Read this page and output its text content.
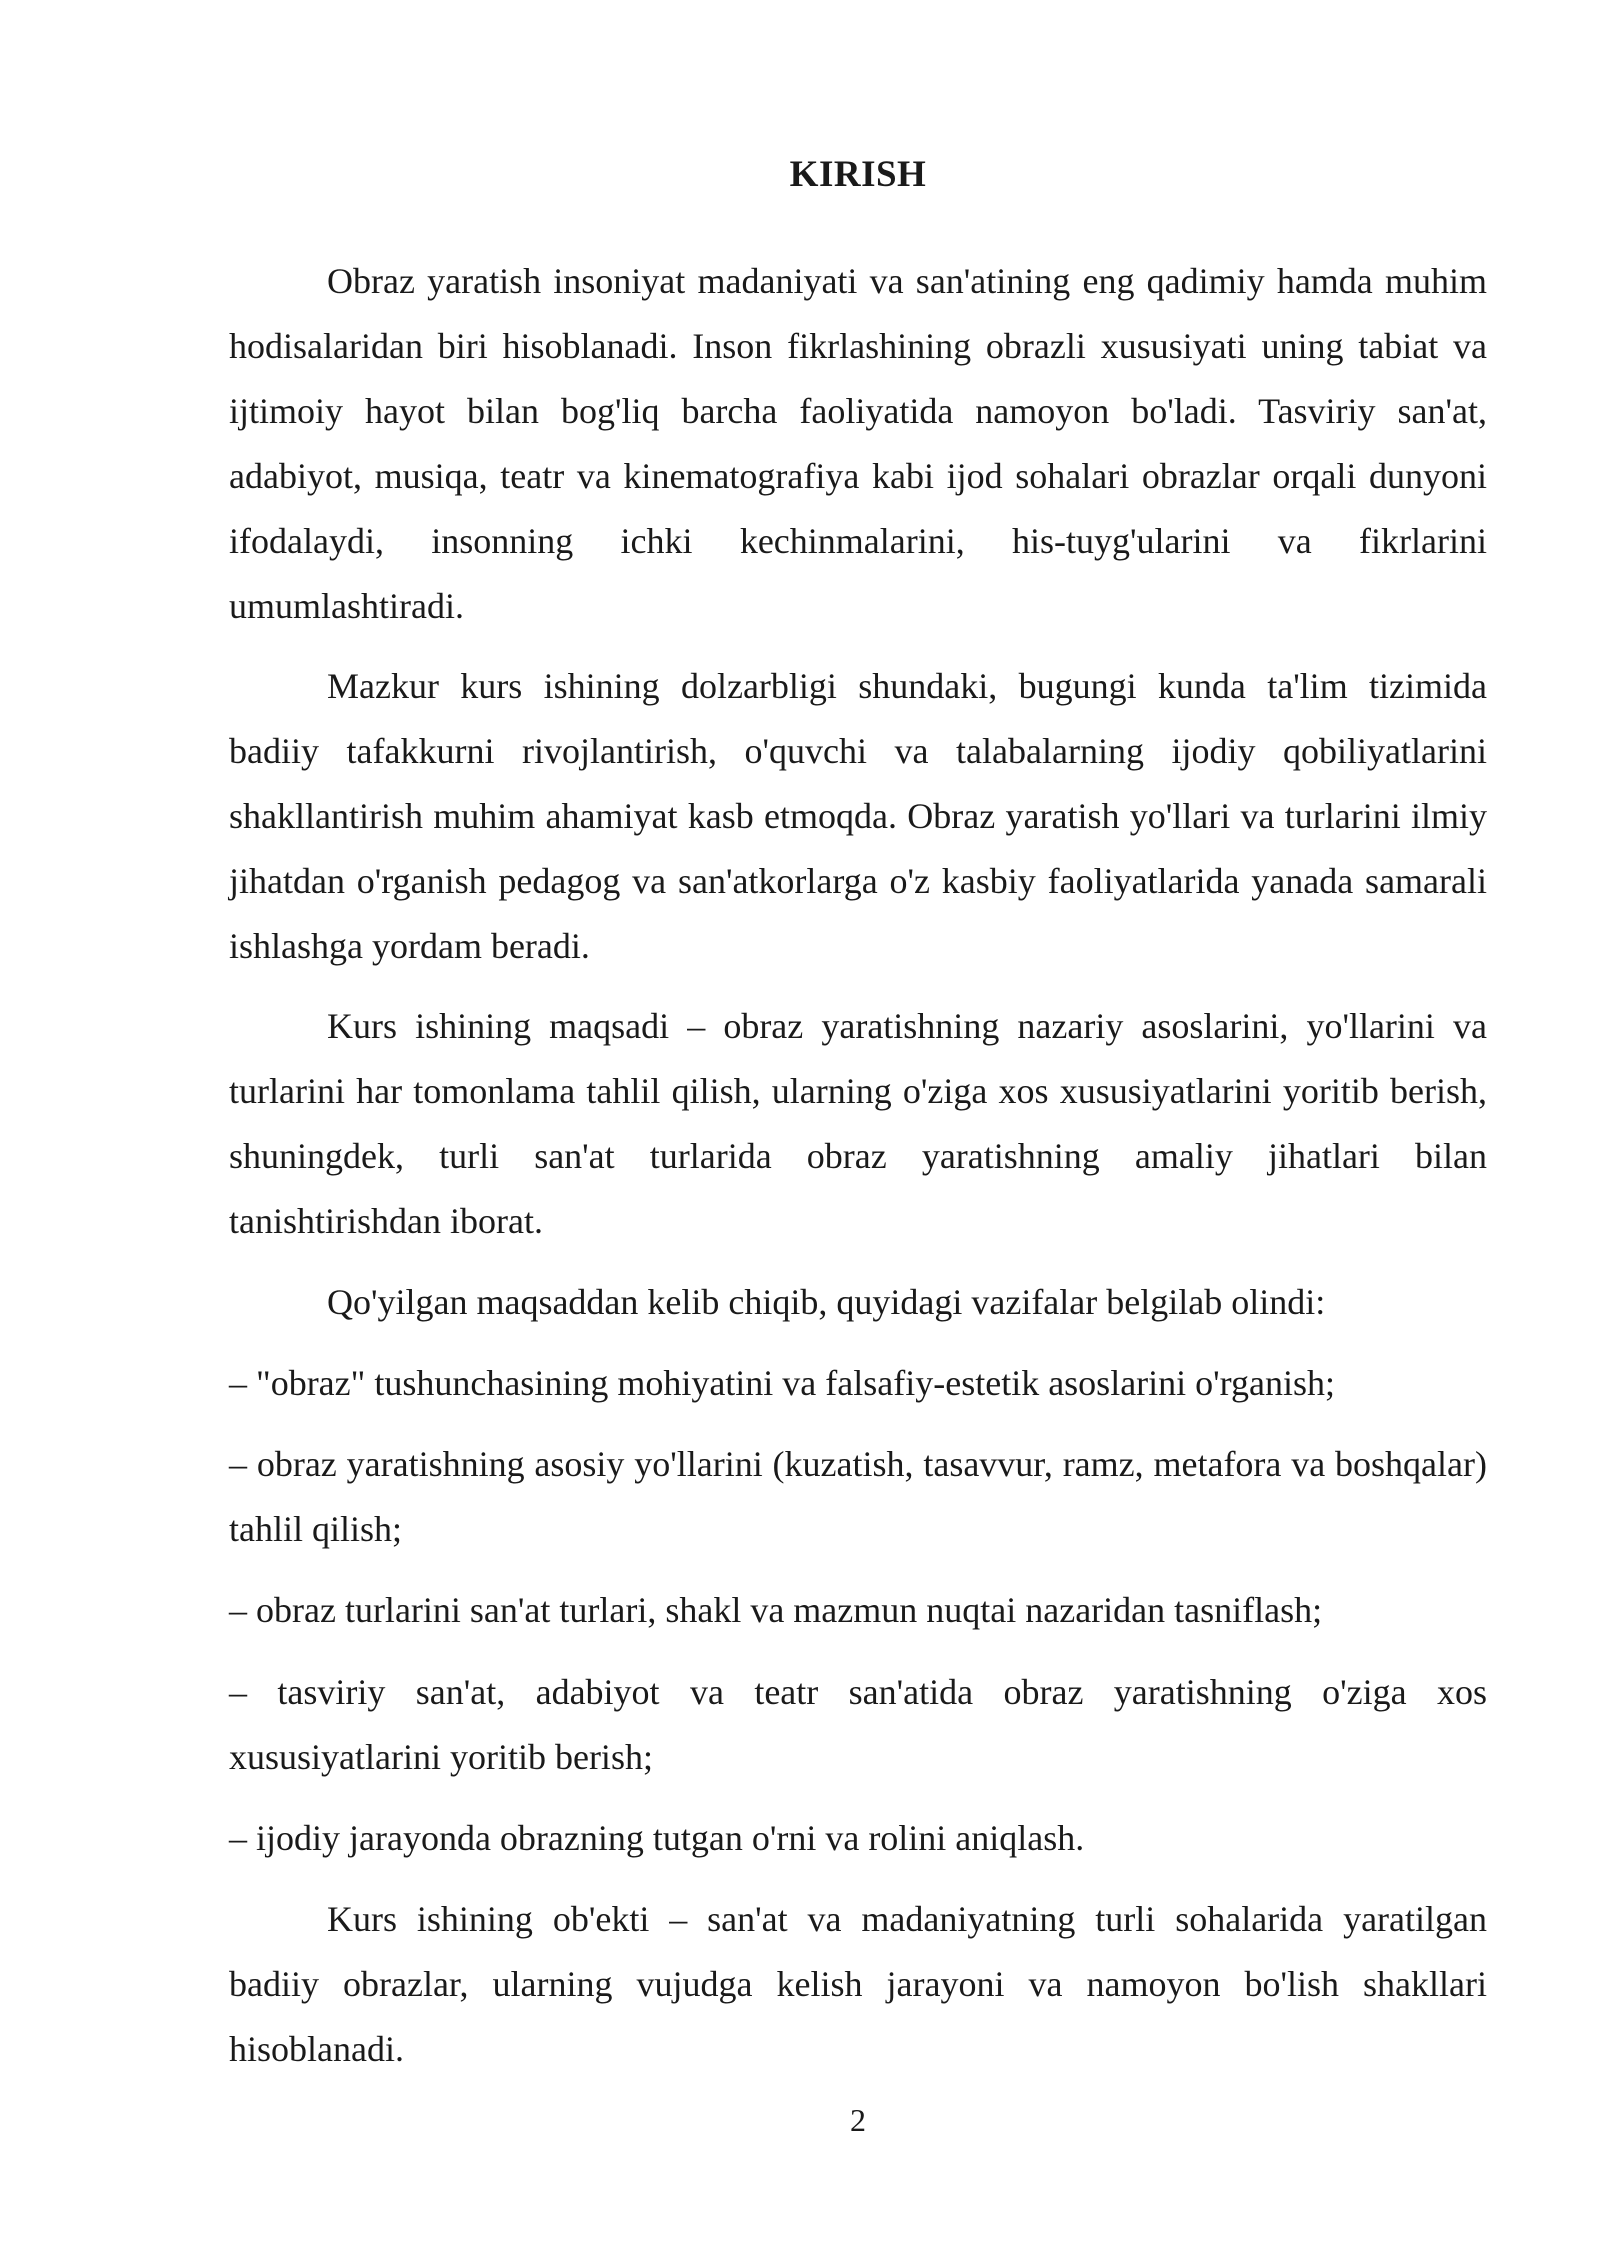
KIRISH

Obraz yaratish insoniyat madaniyati va san'atining eng qadimiy hamda muhim hodisalaridan biri hisoblanadi. Inson fikrlashining obrazli xususiyati uning tabiat va ijtimoiy hayot bilan bog'liq barcha faoliyatida namoyon bo'ladi. Tasviriy san'at, adabiyot, musiqa, teatr va kinematografiya kabi ijod sohalari obrazlar orqali dunyoni ifodalaydi, insonning ichki kechinmalarini, his-tuyg'ularini va fikrlarini umumlashtiradi.

Mazkur kurs ishining dolzarbligi shundaki, bugungi kunda ta'lim tizimida badiiy tafakkurni rivojlantirish, o'quvchi va talabalarning ijodiy qobiliyatlarini shakllantirish muhim ahamiyat kasb etmoqda. Obraz yaratish yo'llari va turlarini ilmiy jihatdan o'rganish pedagog va san'atkorlarga o'z kasbiy faoliyatlarida yanada samarali ishlashga yordam beradi.

Kurs ishining maqsadi – obraz yaratishning nazariy asoslarini, yo'llarini va turlarini har tomonlama tahlil qilish, ularning o'ziga xos xususiyatlarini yoritib berish, shuningdek, turli san'at turlarida obraz yaratishning amaliy jihatlari bilan tanishtirishdan iborat.

Qo'yilgan maqsaddan kelib chiqib, quyidagi vazifalar belgilab olindi:

– "obraz" tushunchasining mohiyatini va falsafiy-estetik asoslarini o'rganish;

– obraz yaratishning asosiy yo'llarini (kuzatish, tasavvur, ramz, metafora va boshqalar) tahlil qilish;

– obraz turlarini san'at turlari, shakl va mazmun nuqtai nazaridan tasniflash;

– tasviriy san'at, adabiyot va teatr san'atida obraz yaratishning o'ziga xos xususiyatlarini yoritib berish;

– ijodiy jarayonda obrazning tutgan o'rni va rolini aniqlash.

Kurs ishining ob'ekti – san'at va madaniyatning turli sohalarida yaratilgan badiiy obrazlar, ularning vujudga kelish jarayoni va namoyon bo'lish shakllari hisoblanadi.

2
